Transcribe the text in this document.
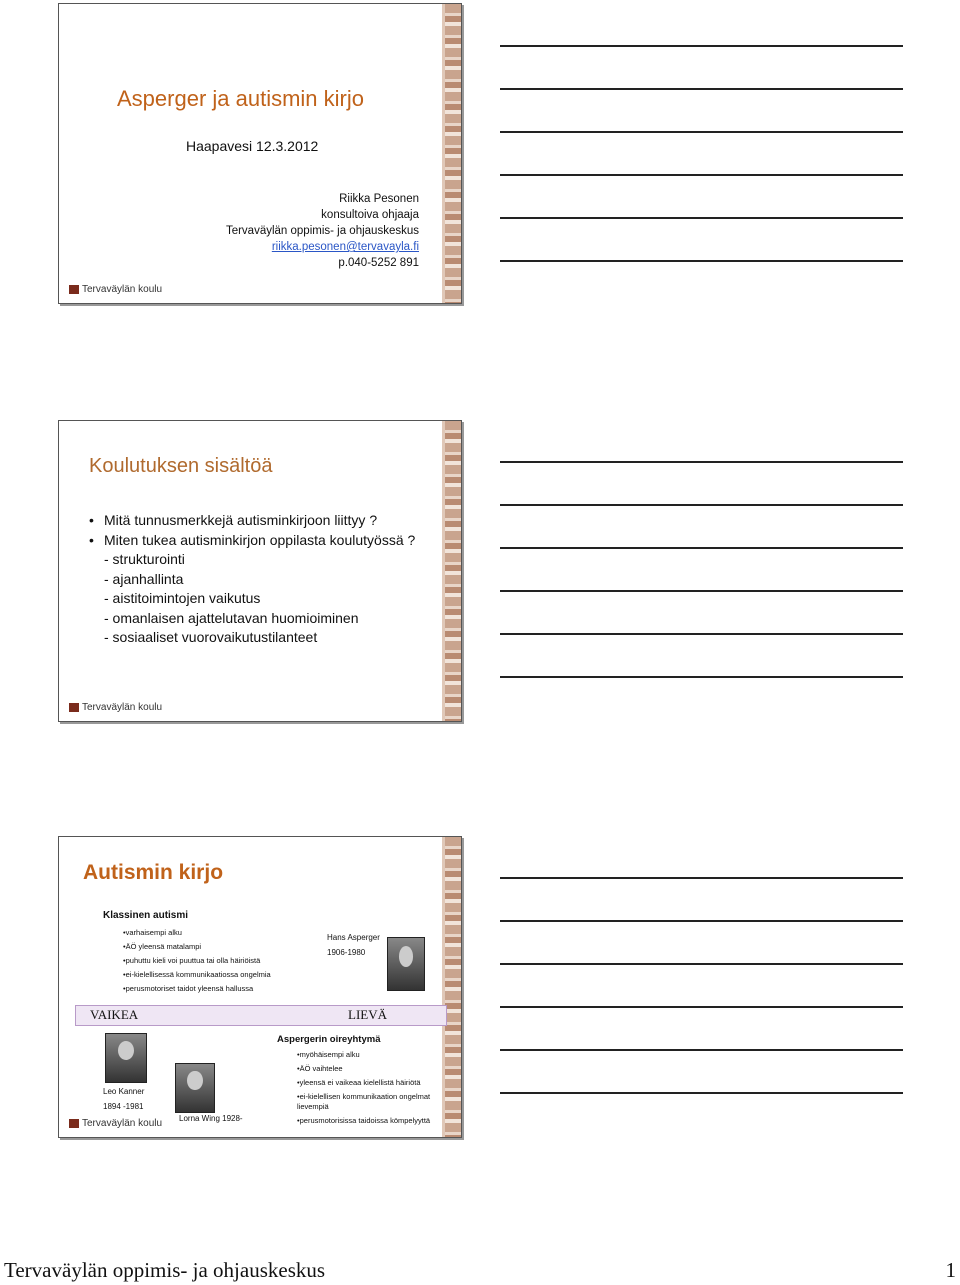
Asperger ja autismin kirjo
Haapavesi 12.3.2012
Riikka Pesonen
konsultoiva ohjaaja
Tervaväylän oppimis- ja ohjauskeskus
riikka.pesonen@tervavayla.fi
p.040-5252 891
Tervaväylän koulu
Koulutuksen sisältöä
• Mitä tunnusmerkkejä autisminkirjoon liittyy ?
• Miten tukea autisminkirjon oppilasta koulutyössä ?
- strukturointi
- ajanhallinta
- aistitoimintojen vaikutus
- omanlaisen ajattelutavan huomioiminen
- sosiaaliset vuorovaikutustilanteet
Tervaväylän koulu
Autismin kirjo
Klassinen autismi
•varhaisempi alku
•ÄÖ yleensä matalampi
•puhuttu kieli voi puuttua tai olla häiriöistä
•ei-kielellisessä kommunikaatiossa ongelmia
•perusmotoriset taidot yleensä hallussa
Hans Asperger
1906-1980
VAIKEA	LIEVÄ
Leo Kanner
1894 -1981
Lorna Wing 1928-
Aspergerin oireyhtymä
•myöhäisempi alku
•ÄÖ vaihtelee
•yleensä ei vaikeaa kielellistä häiriötä
•ei-kielellisen kommunikaation ongelmat lievempiä
•perusmotorisissa taidoissa kömpelyyttä
Tervaväylän koulu
Tervaväylän oppimis- ja ohjauskeskus	1
